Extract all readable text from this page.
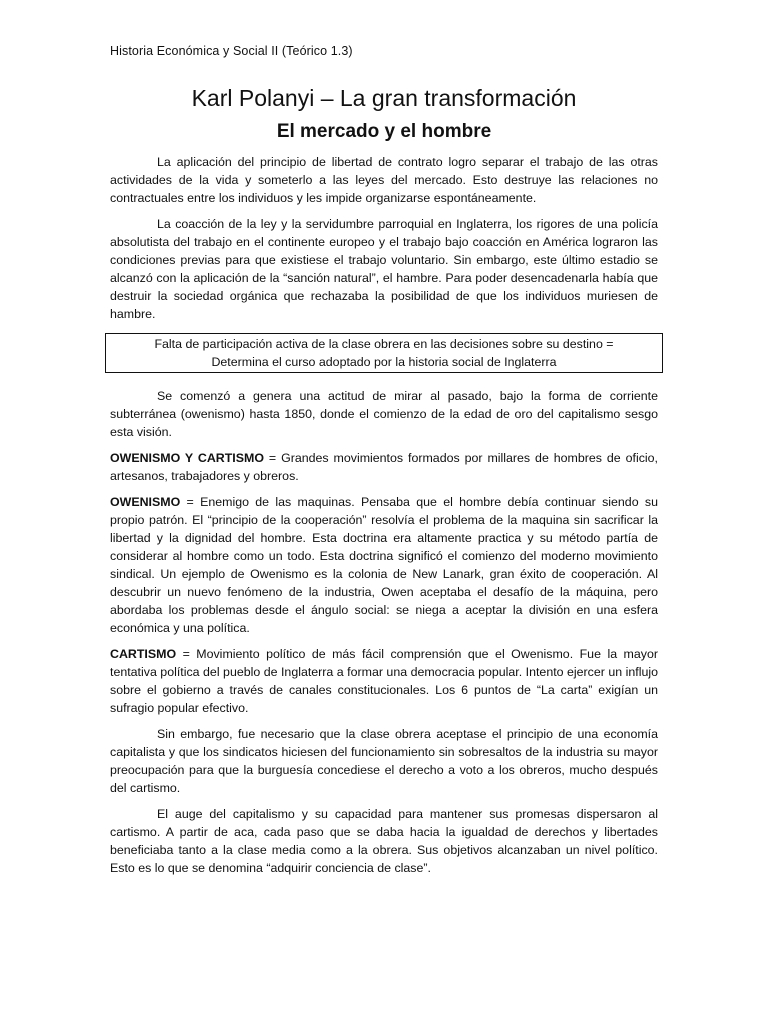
Historia Económica y Social II (Teórico 1.3)
Karl Polanyi – La gran transformación
El mercado y el hombre

La aplicación del principio de libertad de contrato logro separar el trabajo de las otras actividades de la vida y someterlo a las leyes del mercado. Esto destruye las relaciones no contractuales entre los individuos y les impide organizarse espontáneamente.

La coacción de la ley y la servidumbre parroquial en Inglaterra, los rigores de una policía absolutista del trabajo en el continente europeo y el trabajo bajo coacción en América lograron las condiciones previas para que existiese el trabajo voluntario. Sin embargo, este último estadio se alcanzó con la aplicación de la “sanción natural”, el hambre. Para poder desencadenarla había que destruir la sociedad orgánica que rechazaba la posibilidad de que los individuos muriesen de hambre.

Falta de participación activa de la clase obrera en las decisiones sobre su destino =

Determina el curso adoptado por la historia social de Inglaterra

Se comenzó a genera una actitud de mirar al pasado, bajo la forma de corriente subterránea (owenismo) hasta 1850, donde el comienzo de la edad de oro del capitalismo sesgo esta visión.

OWENISMO Y CARTISMO = Grandes movimientos formados por millares de hombres de oficio, artesanos, trabajadores y obreros.

OWENISMO = Enemigo de las maquinas. Pensaba que el hombre debía continuar siendo su propio patrón. El “principio de la cooperación” resolvía el problema de la maquina sin sacrificar la libertad y la dignidad del hombre. Esta doctrina era altamente practica y su método partía de considerar al hombre como un todo. Esta doctrina significó el comienzo del moderno movimiento sindical. Un ejemplo de Owenismo es la colonia de New Lanark, gran éxito de cooperación. Al descubrir un nuevo fenómeno de la industria, Owen aceptaba el desafío de la máquina, pero abordaba los problemas desde el ángulo social: se niega a aceptar la división en una esfera económica y una política.

CARTISMO = Movimiento político de más fácil comprensión que el Owenismo. Fue la mayor tentativa política del pueblo de Inglaterra a formar una democracia popular. Intento ejercer un influjo sobre el gobierno a través de canales constitucionales. Los 6 puntos de “La carta” exigían un sufragio popular efectivo.

Sin embargo, fue necesario que la clase obrera aceptase el principio de una economía capitalista y que los sindicatos hiciesen del funcionamiento sin sobresaltos de la industria su mayor preocupación para que la burguesía concediese el derecho a voto a los obreros, mucho después del cartismo.

El auge del capitalismo y su capacidad para mantener sus promesas dispersaron al cartismo. A partir de aca, cada paso que se daba hacia la igualdad de derechos y libertades beneficiaba tanto a la clase media como a la obrera. Sus objetivos alcanzaban un nivel político. Esto es lo que se denomina “adquirir conciencia de clase”.
